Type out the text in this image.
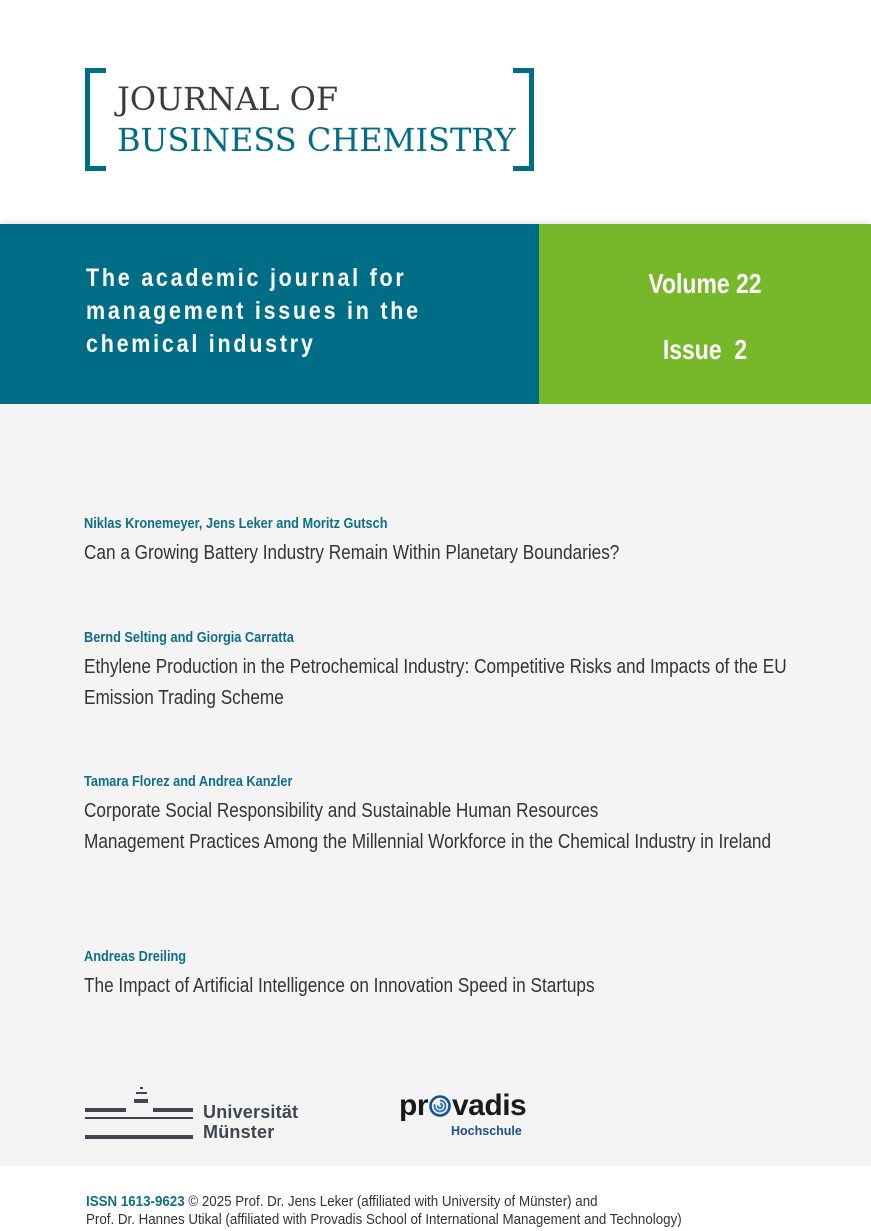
JOURNAL OF
BUSINESS CHEMISTRY
The academic journal for
management issues in the
chemical industry
Volume 22
Issue  2
Niklas Kronemeyer, Jens Leker and Moritz Gutsch
Can a Growing Battery Industry Remain Within Planetary Boundaries?
Bernd Selting and Giorgia Carratta
Ethylene Production in the Petrochemical Industry: Competitive Risks and Impacts of the EU Emission Trading Scheme
Tamara Florez and Andrea Kanzler
Corporate Social Responsibility and Sustainable Human Resources
Management Practices Among the Millennial Workforce in the Chemical Industry in Ireland
Andreas Dreiling
The Impact of Artificial Intelligence on Innovation Speed in Startups
Universität
Münster
pr vadis
Hochschule
ISSN 1613-9623 © 2025 Prof. Dr. Jens Leker (affiliated with University of Münster) and
Prof. Dr. Hannes Utikal (affiliated with Provadis School of International Management and Technology)
